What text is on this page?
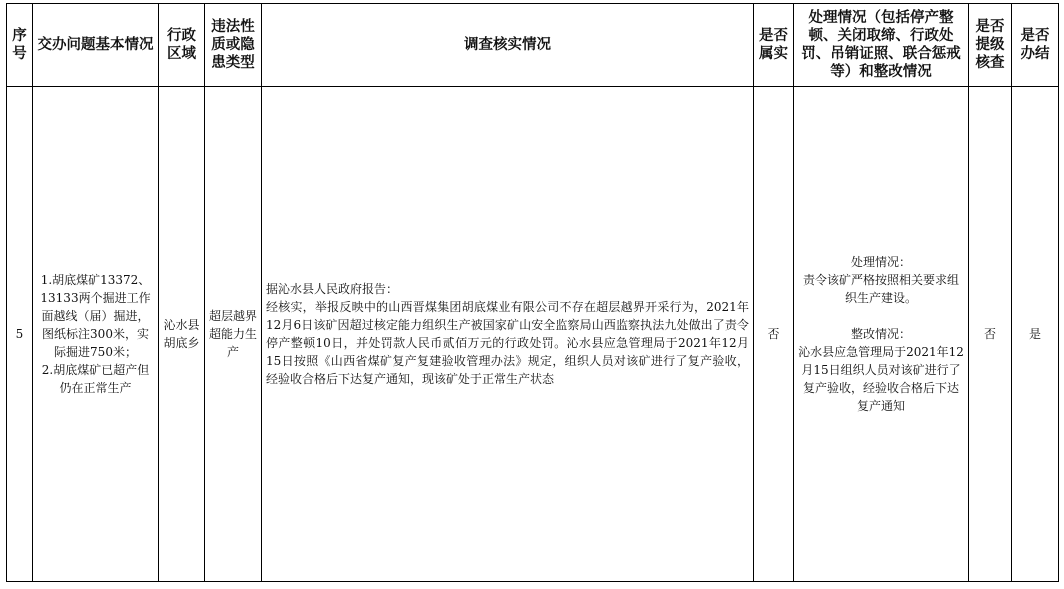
序号	交办问题基本情况	行政区域	违法性质或隐患类型	调查核实情况	是否属实	处理情况（包括停产整顿、关闭取缔、行政处罚、吊销证照、联合惩戒等）和整改情况	是否提级核查	是否办结
5	1.胡底煤矿13372、13133两个掘进工作面越线（届）掘进，图纸标注300米，实际掘进750米；
2.胡底煤矿已超产但仍在正常生产	沁水县胡底乡	超层越界超能力生产	据沁水县人民政府报告：
经核实，举报反映中的山西晋煤集团胡底煤业有限公司不存在超层越界开采行为，2021年12月6日该矿因超过核定能力组织生产被国家矿山安全监察局山西监察执法九处做出了责令停产整顿10日，并处罚款人民币贰佰万元的行政处罚。沁水县应急管理局于2021年12月15日按照《山西省煤矿复产复建验收管理办法》规定，组织人员对该矿进行了复产验收，经验收合格后下达复产通知，现该矿处于正常生产状态	否	处理情况：
责令该矿严格按照相关要求组织生产建设。

整改情况：
沁水县应急管理局于2021年12月15日组织人员对该矿进行了复产验收，经验收合格后下达复产通知	否	是
